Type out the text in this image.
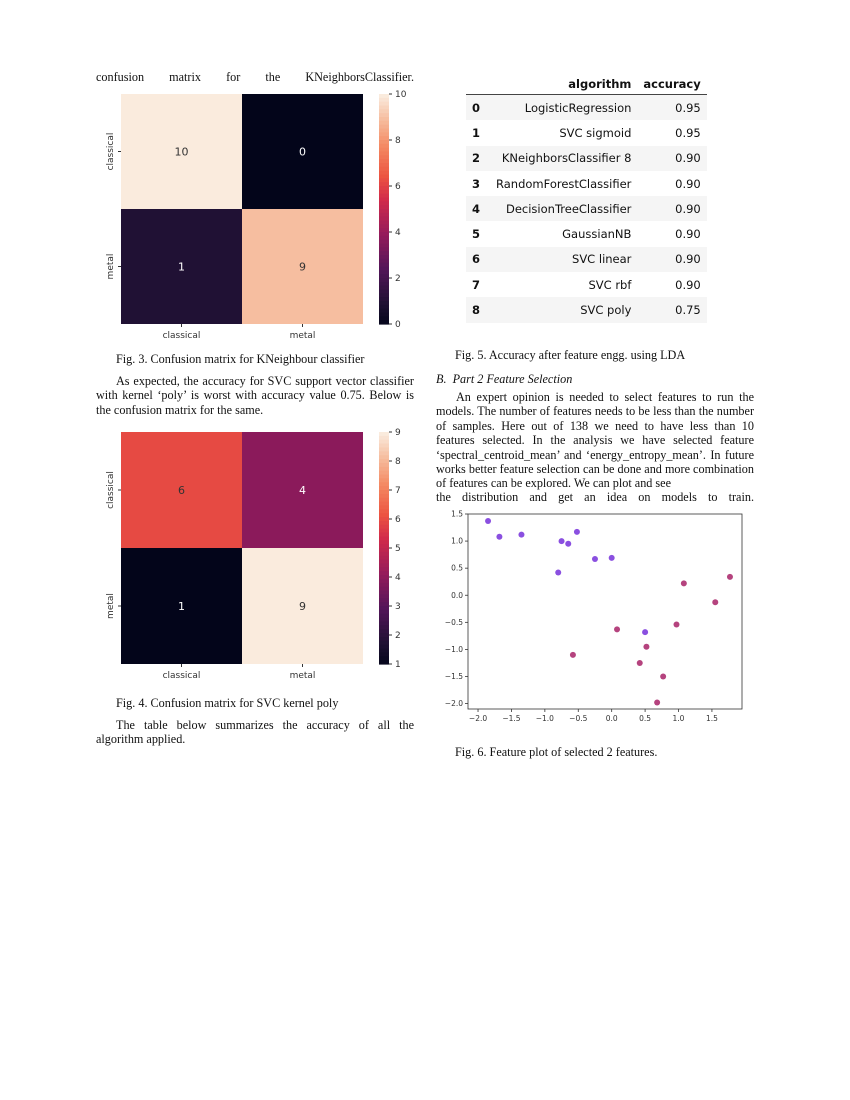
confusion matrix for the KNeighborsClassifier.
10	0
1	9
classical	metal
classical
metal
0
2
4
6
8
10
Fig. 3. Confusion matrix for KNeighbour classifier

As expected, the accuracy for SVC support vector classifier with kernel ‘poly’ is worst with accuracy value 0.75. Below is the confusion matrix for the same.

6	4
1	9
classical	metal
classical
metal
1
2
3
4
5
6
7
8
9
Fig. 4. Confusion matrix for SVC kernel poly

The table below summarizes the accuracy of all the algorithm applied.

	algorithm	accuracy
0	LogisticRegression	0.95
1	SVC sigmoid	0.95
2	KNeighborsClassifier 8	0.90
3	RandomForestClassifier	0.90
4	DecisionTreeClassifier	0.90
5	GaussianNB	0.90
6	SVC linear	0.90
7	SVC rbf	0.90
8	SVC poly	0.75
Fig. 5. Accuracy after feature engg. using LDA
B.  Part 2 Feature Selection

An expert opinion is needed to select features to run the models. The number of features needs to be less than the number of samples. Here out of 138 we need to have less than 10 features selected. In the analysis we have selected feature ‘spectral_centroid_mean’ and ‘energy_entropy_mean’. In future works better feature selection can be done and more combination of features can be explored. We can plot and see

the distribution and get an idea on models to train.

−2.0 −1.5 −1.0 −0.5 0.0	0.5	1.0	1.5
1.5
1.0
0.5
0.0
−0.5
−1.0
−1.5
−2.0
Fig. 6. Feature plot of selected 2 features.
